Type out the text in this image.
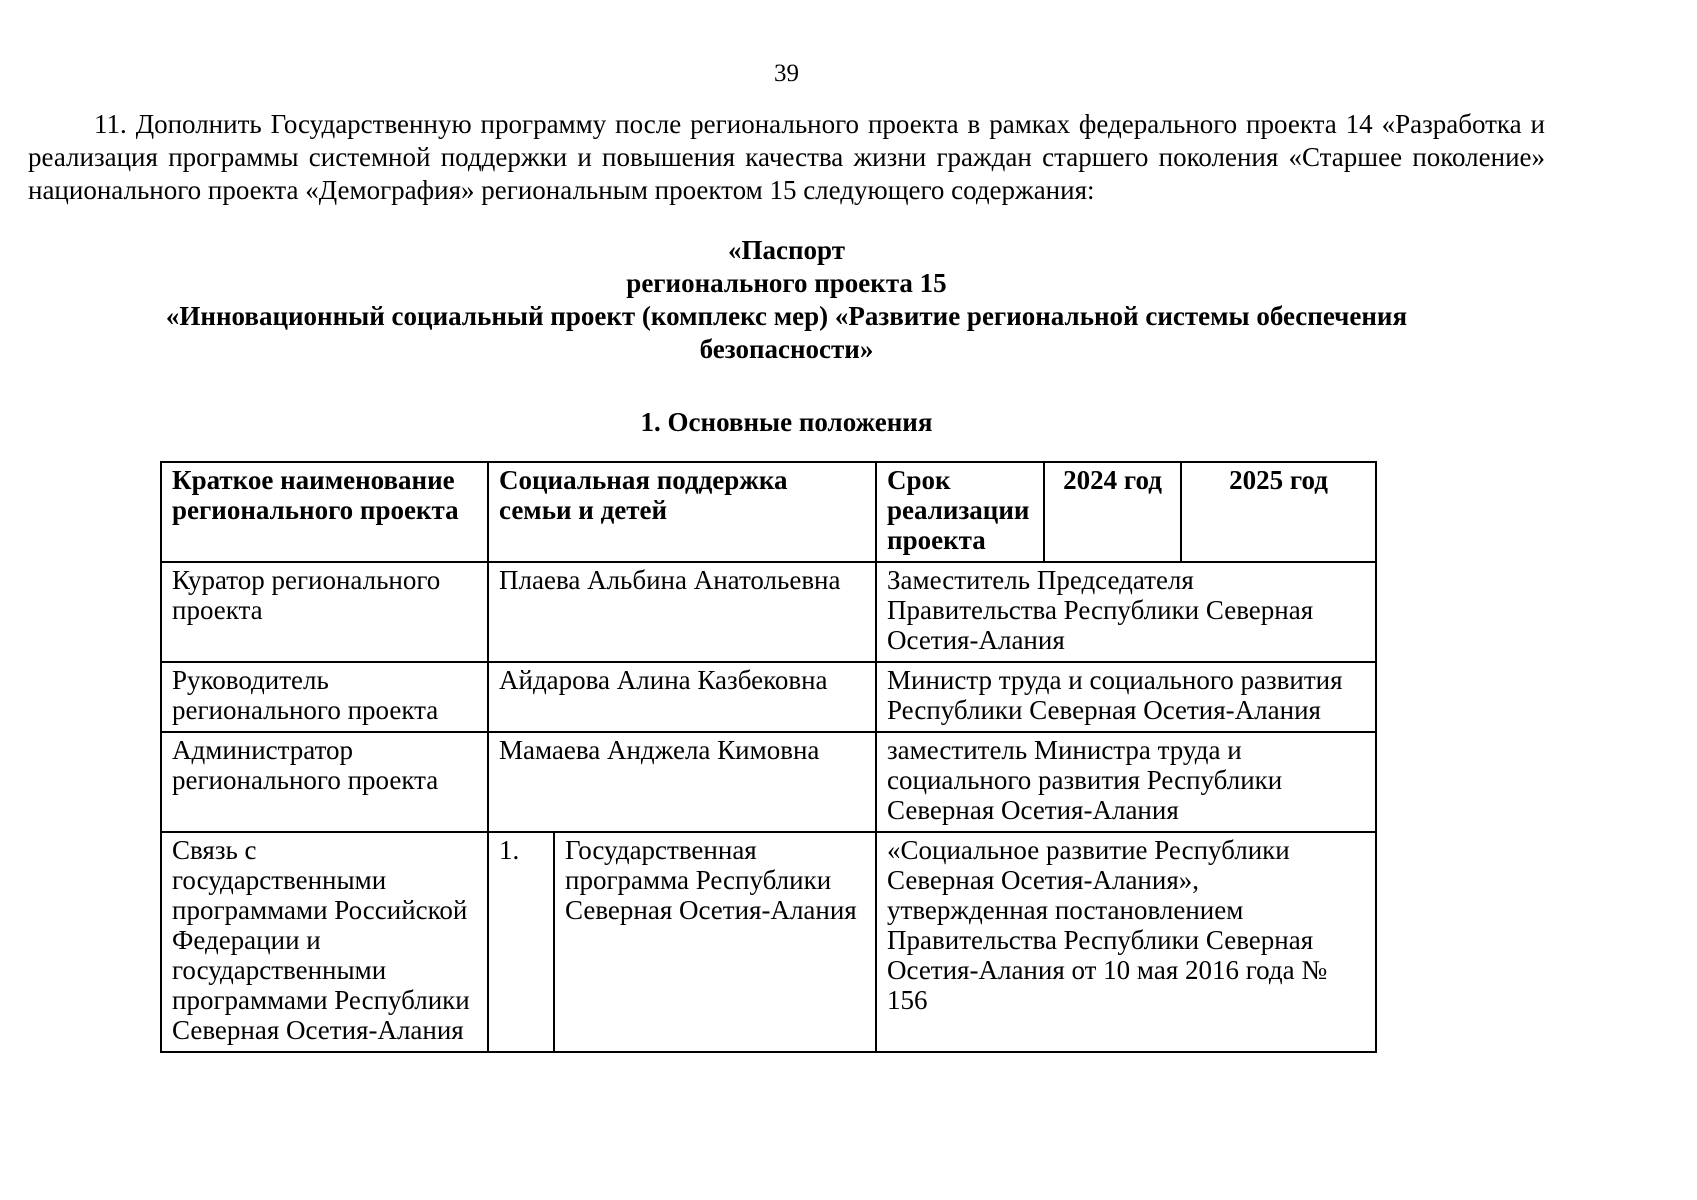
39

11. Дополнить Государственную программу после регионального проекта в рамках федерального проекта 14 «Разработка и реализация программы системной поддержки и повышения качества жизни граждан старшего поколения «Старшее поколение» национального проекта «Демография» региональным проектом 15 следующего содержания:

«Паспорт
регионального проекта 15
«Инновационный социальный проект (комплекс мер) «Развитие региональной системы обеспечения безопасности»
1. Основные положения
Краткое наименование регионального проекта	Социальная поддержка семьи и детей		Срок реализации проекта	2024 год	2025 год
Куратор регионального проекта	Плаева Альбина Анатольевна		Заместитель Председателя Правительства Республики Северная Осетия-Алания		
Руководитель регионального проекта	Айдарова Алина Казбековна		Министр труда и социального развития Республики Северная Осетия-Алания		
Администратор регионального проекта	Мамаева Анджела Кимовна		заместитель Министра труда и социального развития Республики Северная Осетия-Алания		
Связь с государственными программами Российской Федерации и государственными программами Республики Северная Осетия-Алания	1.	Государственная программа Республики Северная Осетия-Алания	«Социальное развитие Республики Северная Осетия-Алания», утвержденная постановлением Правительства Республики Северная Осетия-Алания от 10 мая 2016 года № 156		
